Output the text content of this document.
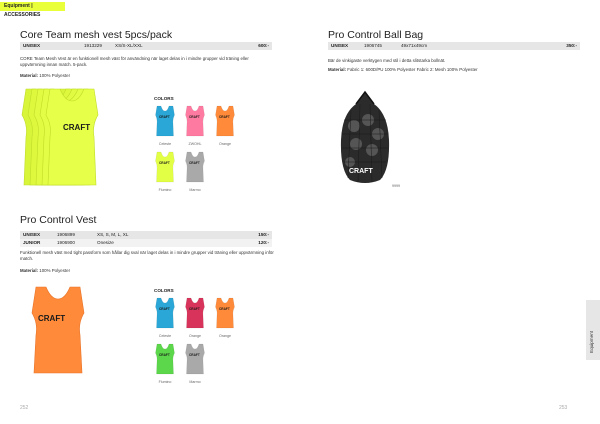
Equipment | ACCESSORIES
Core Team mesh vest 5pcs/pack
UNISEX	1913229	XS/S-XL/XXL	600:-
CORE Team Mesh Vest är en funktionell mesh väst för användning när laget delas in i mindre grupper vid träning eller uppvärmning innan match. 5-pack.
Material: 100% Polyester
CRAFT
COLORS
CRAFT
Celeste
CRAFT
ZWOHL
CRAFT
Orange
CRAFT
Flumino
CRAFT
Marmo
Pro Control Ball Bag
UNISEX	1906745	49x71x49cm	350:-
Bär de vinkigaste verktygen med stil i detta slitstarka bollnät.
Material: Fabric 1: 600D/PU 100% Polyester Fabric 2: Mesh 100% Polyester
CRAFT
9999
Pro Control Vest
UNISEX	1906899	XS, S, M, L, XL	150:-
JUNIOR	1906900	Onesize	120:-
Funktionell mesh väst med tight passform som hållar dig sval när laget delas in i mindre grupper vid träning eller uppvärmning inför match.
Material: 100% Polyester
CRAFT
COLORS
CRAFT
Celeste
CRAFT
Orange
CRAFT
Orange
CRAFT
Flumino
CRAFT
Marmo
252	253
Equipment
